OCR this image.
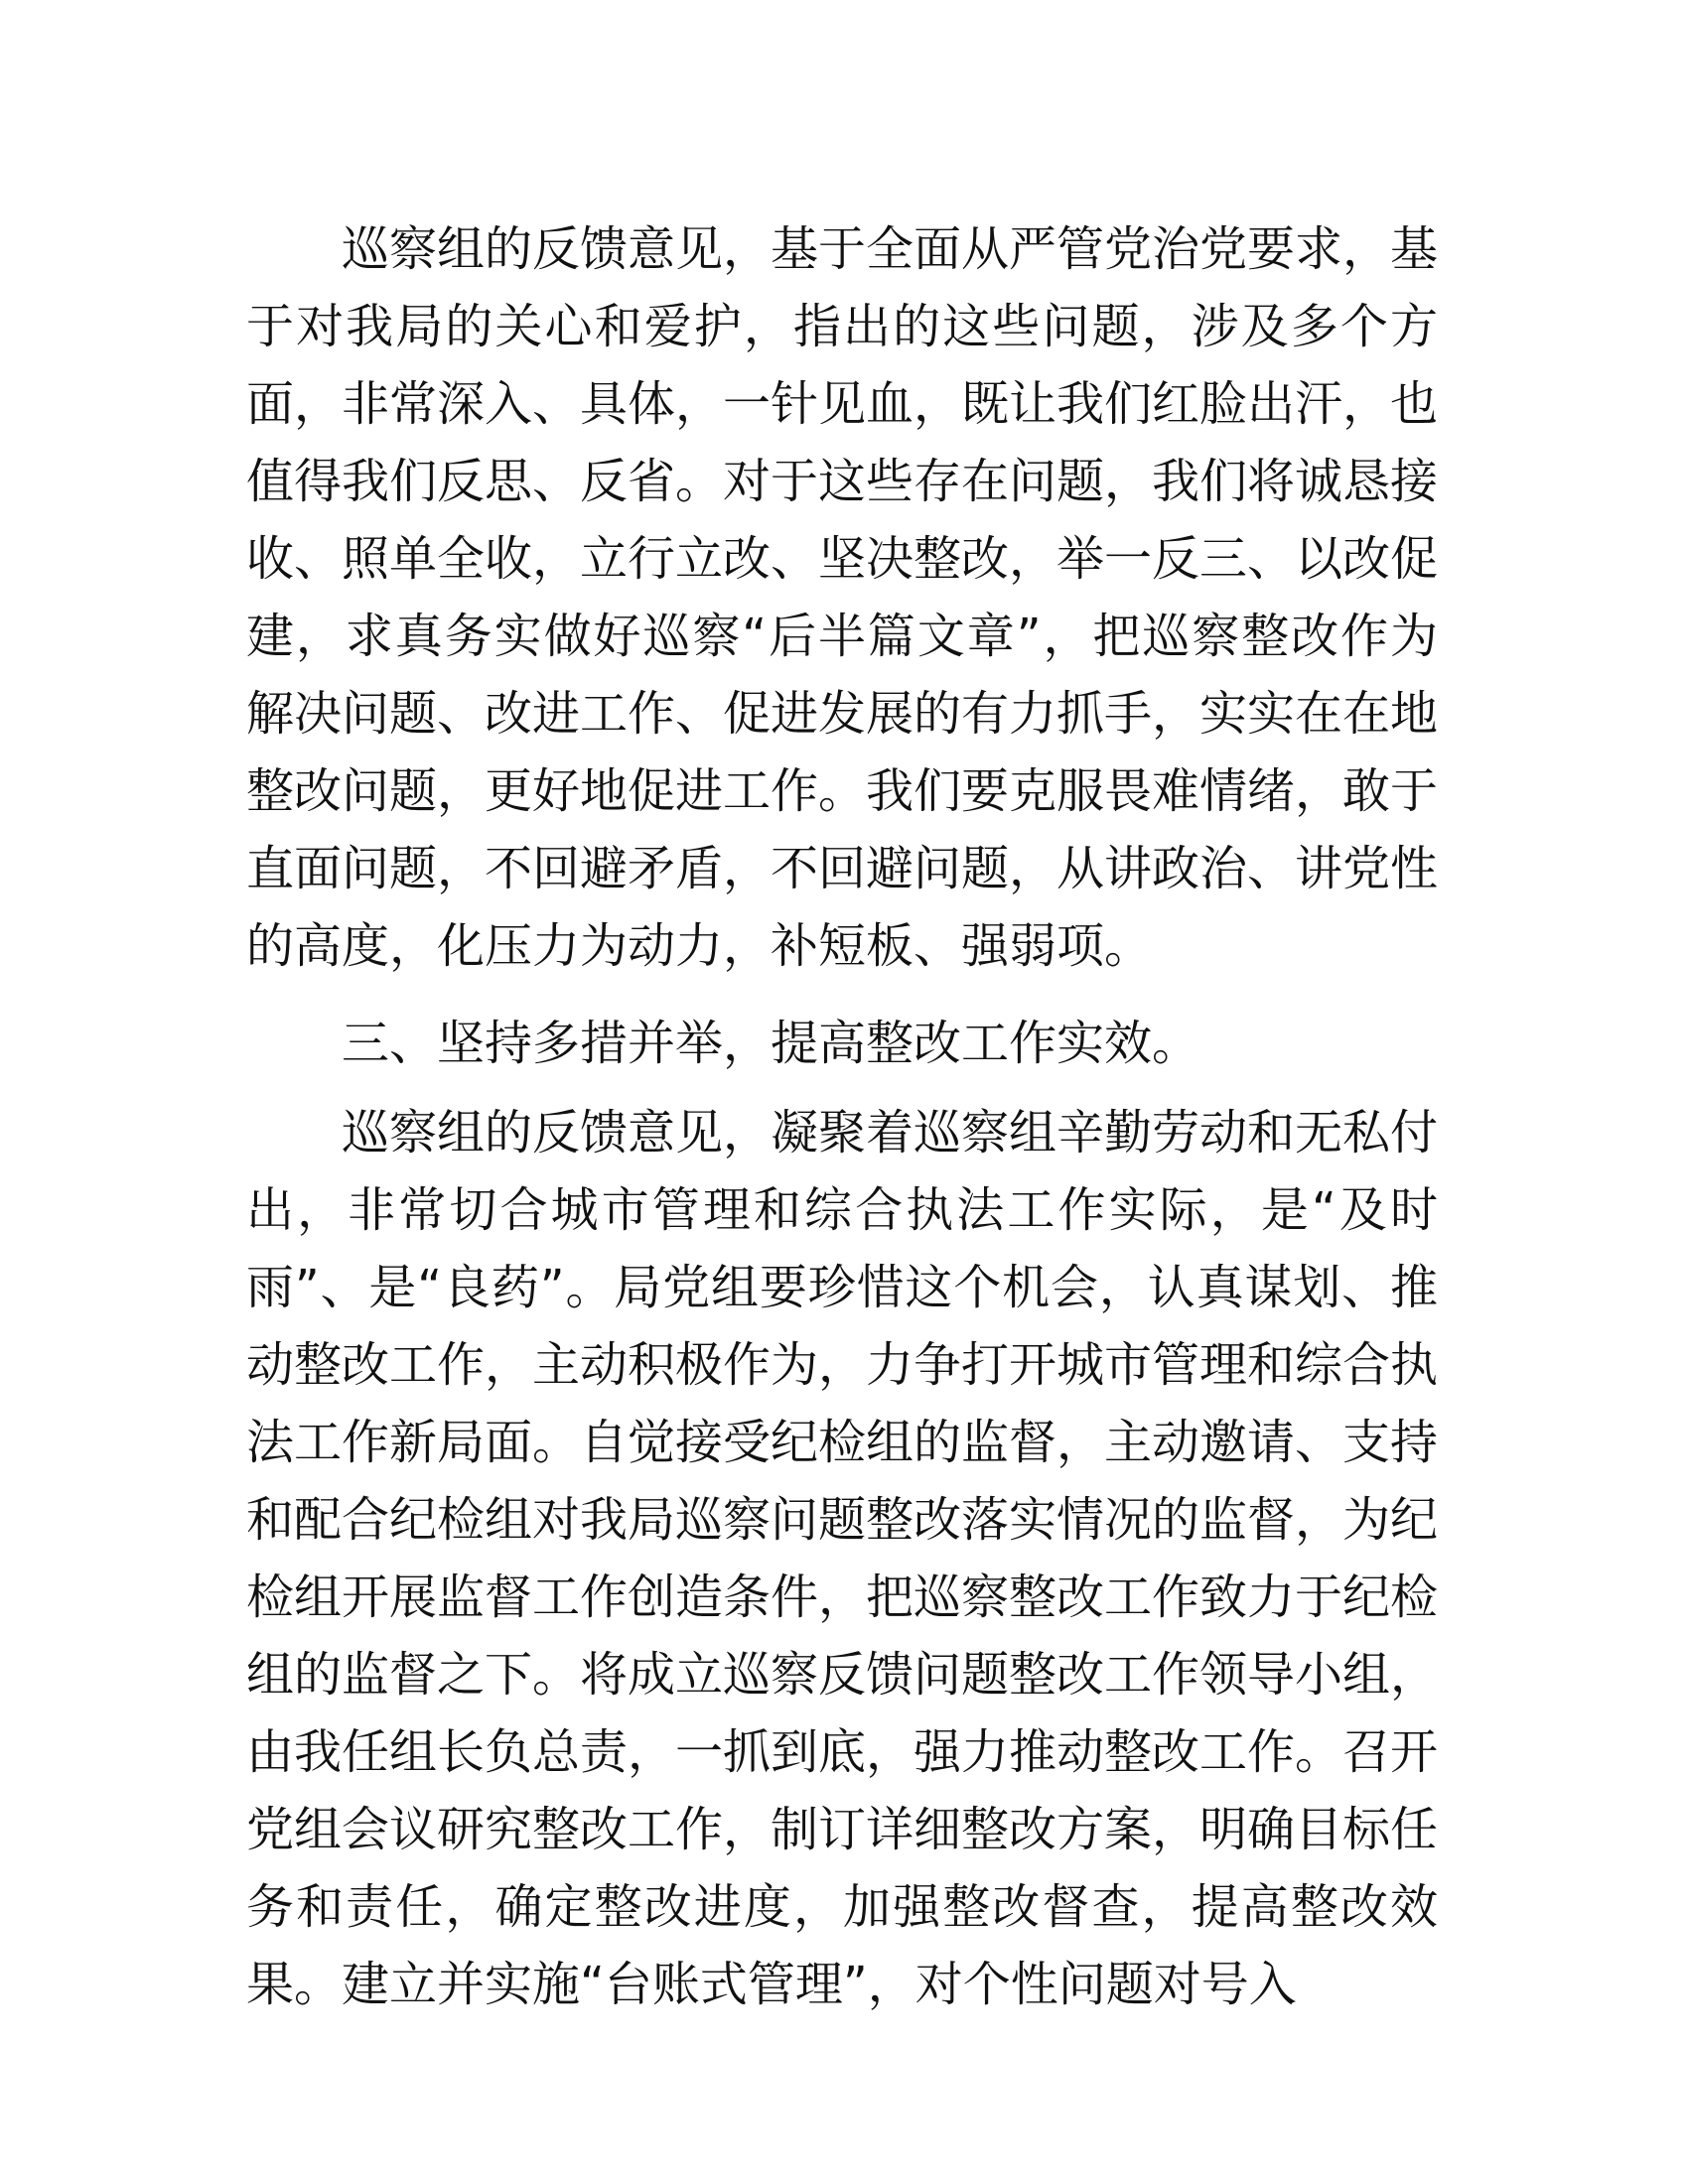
巡察组的反馈意见，基于全面从严管党治党要求，基于对我局的关心和爱护，指出的这些问题，涉及多个方面，非常深入、具体，一针见血，既让我们红脸出汗，也值得我们反思、反省。对于这些存在问题，我们将诚恳接收、照单全收，立行立改、坚决整改，举一反三、以改促建，求真务实做好巡察“后半篇文章”，把巡察整改作为解决问题、改进工作、促进发展的有力抓手，实实在在地整改问题，更好地促进工作。我们要克服畏难情绪，敢于直面问题，不回避矛盾，不回避问题，从讲政治、讲党性的高度，化压力为动力，补短板、强弱项。

三、坚持多措并举，提高整改工作实效。

巡察组的反馈意见，凝聚着巡察组辛勤劳动和无私付出，非常切合城市管理和综合执法工作实际，是“及时雨”、是“良药”。局党组要珍惜这个机会，认真谋划、推动整改工作，主动积极作为，力争打开城市管理和综合执法工作新局面。自觉接受纪检组的监督，主动邀请、支持和配合纪检组对我局巡察问题整改落实情况的监督，为纪检组开展监督工作创造条件，把巡察整改工作致力于纪检组的监督之下。将成立巡察反馈问题整改工作领导小组，由我任组长负总责，一抓到底，强力推动整改工作。召开党组会议研究整改工作，制订详细整改方案，明确目标任务和责任，确定整改进度，加强整改督查，提高整改效果。建立并实施“台账式管理”，对个性问题对号入
